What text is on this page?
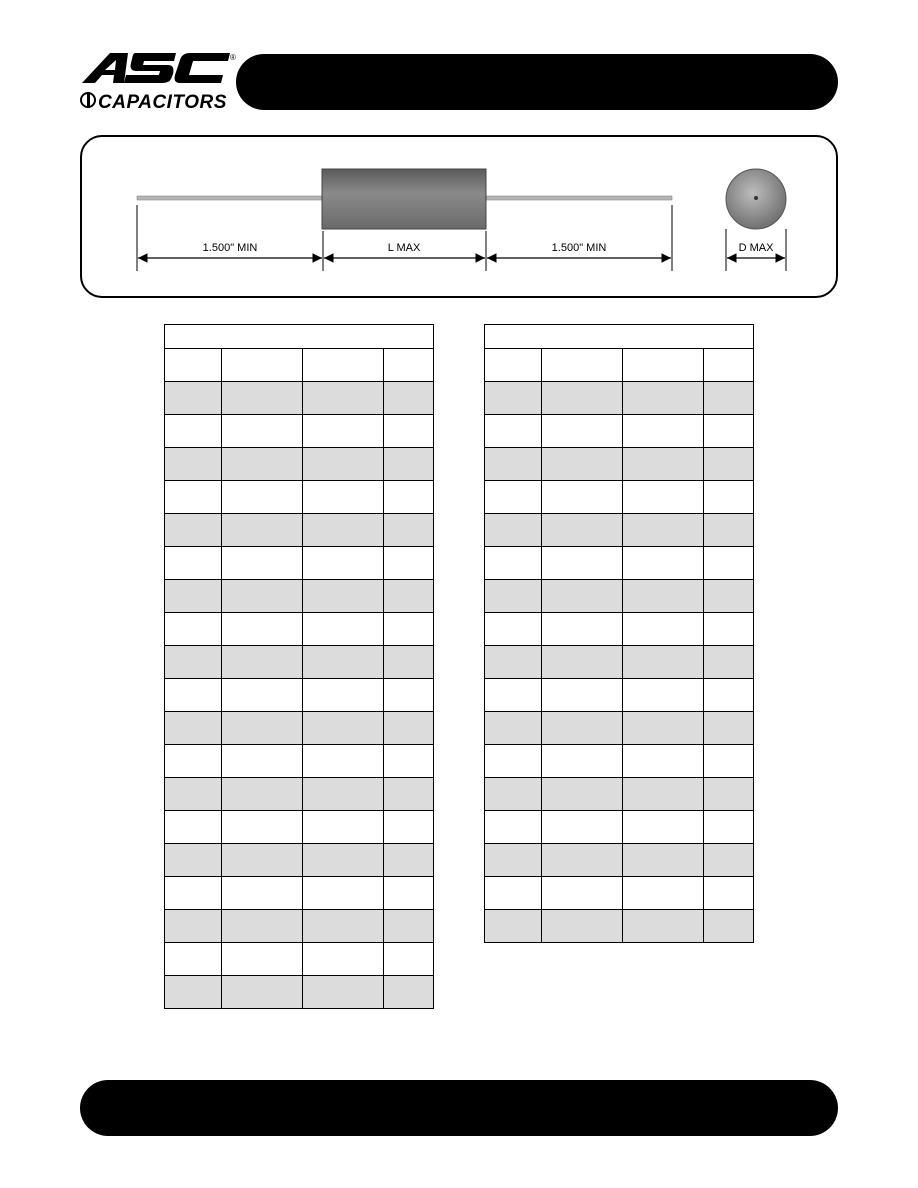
®
CAPACITORS
1.500" MIN	L MAX	1.500" MIN	D MAX
